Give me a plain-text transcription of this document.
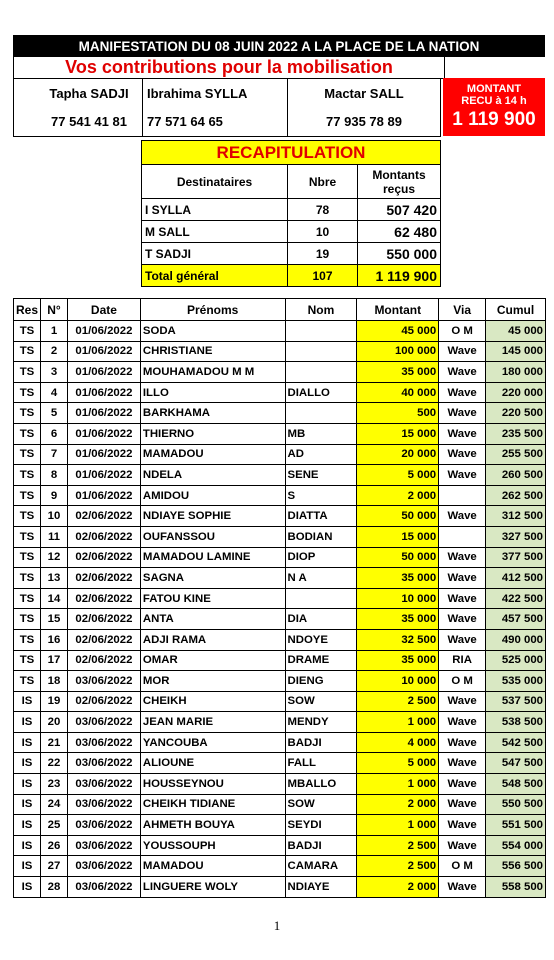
MANIFESTATION DU 08 JUIN 2022 A LA PLACE DE LA NATION
Vos contributions pour la mobilisation
Tapha SADJI
77 541 41 81
Ibrahima SYLLA
77 571 64 65
Mactar SALL
77 935 78 89
MONTANT
RECU à 14 h
1 119 900
RECAPITULATION		
Destinataires	Nbre	Montants
reçus

I SYLLA	78	507 420
M SALL	10	62 480
T SADJI	19	550 000
Total général	107	1 119 900
Res	N°	Date	Prénoms	Nom	Montant	Via	Cumul
TS	1	01/06/2022	SODA		45 000	O M	45 000
TS	2	01/06/2022	CHRISTIANE		100 000	Wave	145 000
TS	3	01/06/2022	MOUHAMADOU M M		35 000	Wave	180 000
TS	4	01/06/2022	ILLO	DIALLO	40 000	Wave	220 000
TS	5	01/06/2022	BARKHAMA		500	Wave	220 500
TS	6	01/06/2022	THIERNO	MB	15 000	Wave	235 500
TS	7	01/06/2022	MAMADOU	AD	20 000	Wave	255 500
TS	8	01/06/2022	NDELA	SENE	5 000	Wave	260 500
TS	9	01/06/2022	AMIDOU	S	2 000		262 500
TS	10	02/06/2022	NDIAYE SOPHIE	DIATTA	50 000	Wave	312 500
TS	11	02/06/2022	OUFANSSOU	BODIAN	15 000		327 500
TS	12	02/06/2022	MAMADOU LAMINE	DIOP	50 000	Wave	377 500
TS	13	02/06/2022	SAGNA	N A	35 000	Wave	412 500
TS	14	02/06/2022	FATOU KINE		10 000	Wave	422 500
TS	15	02/06/2022	ANTA	DIA	35 000	Wave	457 500
TS	16	02/06/2022	ADJI RAMA	NDOYE	32 500	Wave	490 000
TS	17	02/06/2022	OMAR	DRAME	35 000	RIA	525 000
TS	18	03/06/2022	MOR	DIENG	10 000	O M	535 000
IS	19	02/06/2022	CHEIKH	SOW	2 500	Wave	537 500
IS	20	03/06/2022	JEAN MARIE	MENDY	1 000	Wave	538 500
IS	21	03/06/2022	YANCOUBA	BADJI	4 000	Wave	542 500
IS	22	03/06/2022	ALIOUNE	FALL	5 000	Wave	547 500
IS	23	03/06/2022	HOUSSEYNOU	MBALLO	1 000	Wave	548 500
IS	24	03/06/2022	CHEIKH TIDIANE	SOW	2 000	Wave	550 500
IS	25	03/06/2022	AHMETH BOUYA	SEYDI	1 000	Wave	551 500
IS	26	03/06/2022	YOUSSOUPH	BADJI	2 500	Wave	554 000
IS	27	03/06/2022	MAMADOU	CAMARA	2 500	O M	556 500
IS	28	03/06/2022	LINGUERE WOLY	NDIAYE	2 000	Wave	558 500
1
